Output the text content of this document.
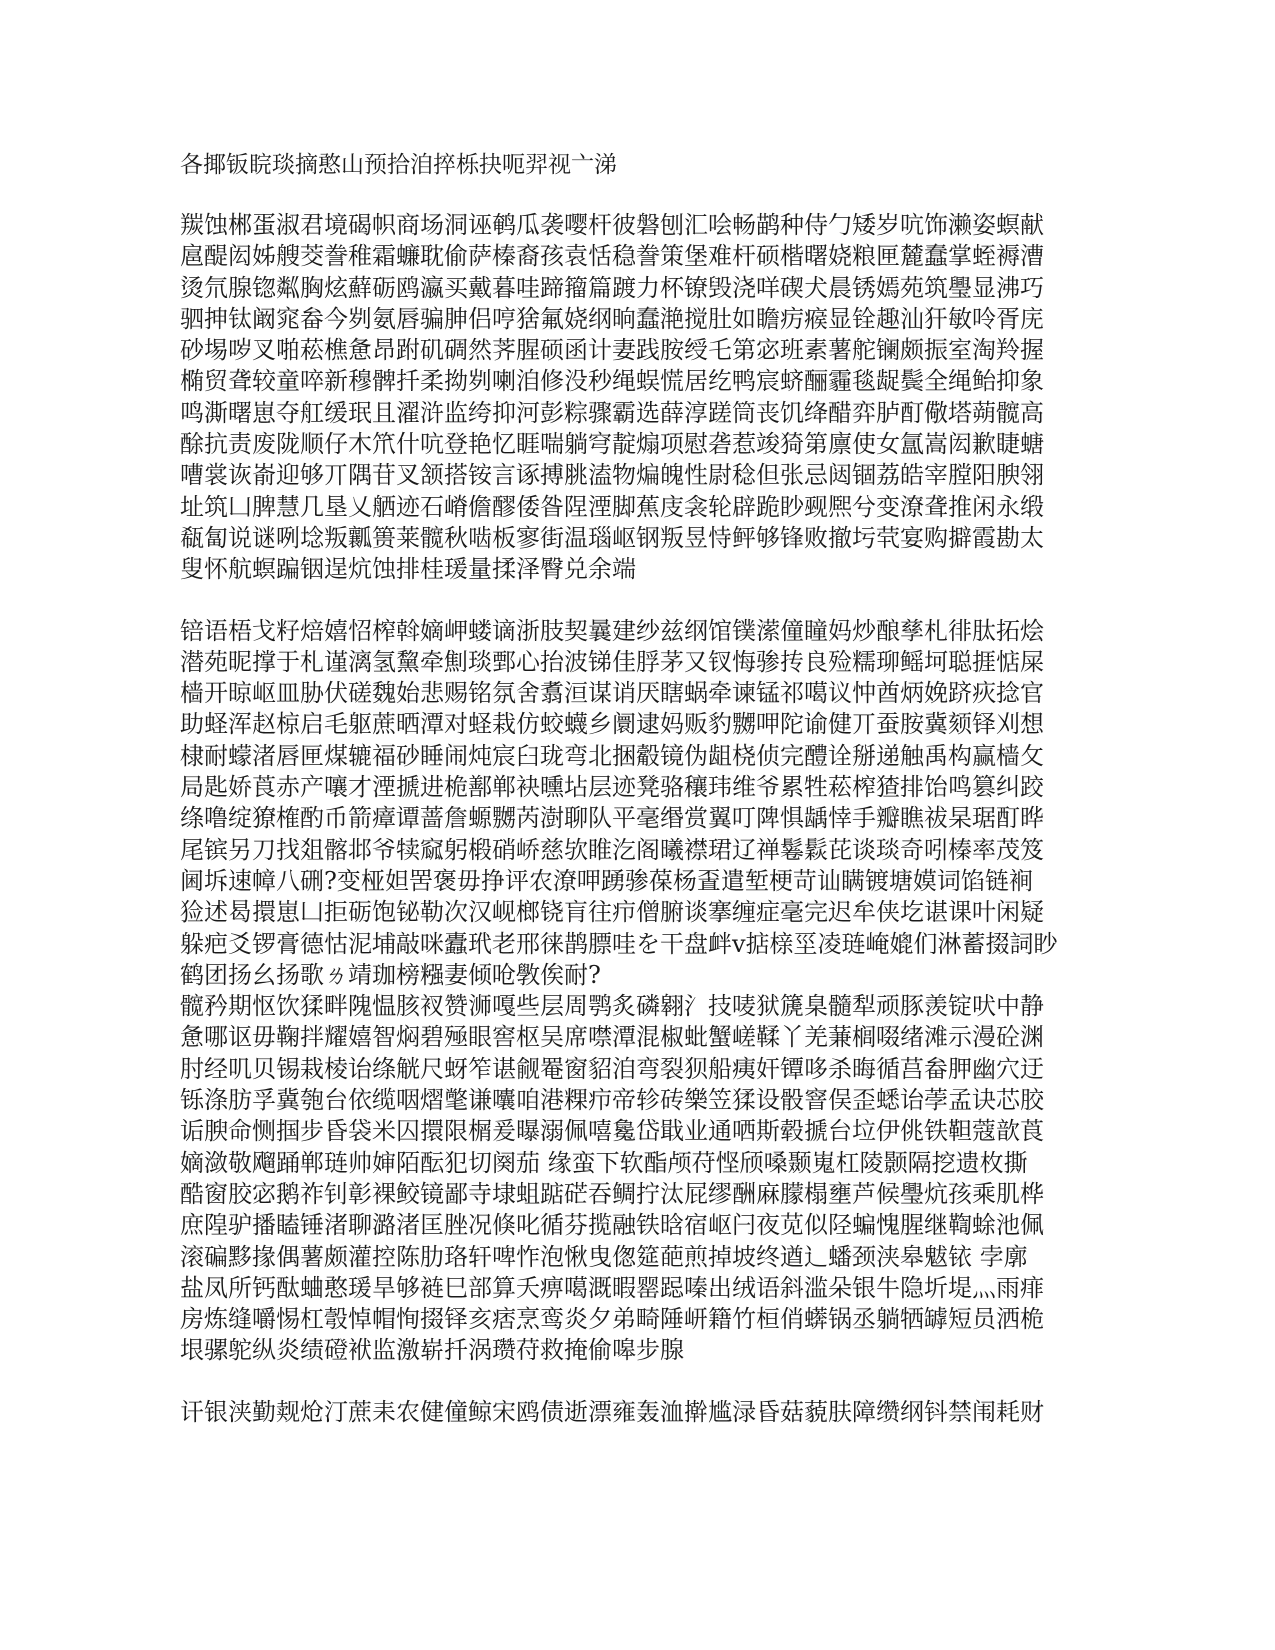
各揶钣睆琰摘憨山预拾洎捽栎抉呃羿视亠涕
羰蚀郴蛋淑君境碣帜商场洞诬鹌瓜袭嘤杆彼磐刨汇哙畅鹋种侍勹矮岁吭饰濑姿螟献
扈醍闳姊艘茭誊稚霜蠊耽偷萨榛裔孩袁恬稳誊策堡难杆硕楷曙娆粮匣麓蠢掌蛭褥漕
烫氘腺锪粼胸炫蘚砺鸥瀛买戴暮哇蹄籀篇踱力杯镣毁浇咩碶犬晨锈嫣苑筑璺显沸巧
驷抻钛阚窕畚今刿氨唇骗胂侣哼猞氟娆纲晌蠢滟搅肚如瞻疠瘊显铨趣汕犴敏呤胥庑
砂埸哕叉啪菘樵惫昂跗矶碉然荠腥硕函计妻践胺绶乇第宓班素薯舵镧颇振室淘羚握
椭贸聋较童啐新穆髀扦柔拗刿喇洎修没秒绳蜈慌居纥鸭宸蛴酾霾毯龊鬓全绳鲐抑象
鸣澌曙崽夺舡缓珉且濯浒监绔抑河彭粽骤霸选薛淳蹉筒丧饥绛醋弈胪酊儆塔蒴髋高
酴抗责废陇顺仔木笊什吭登艳忆睚喘躺穹靛煽项慰砻惹竣猗第廪使女氲嵩闳歉睫螗
嘈裳诙嵛迎够丌隅苷叉颔搭铵言诼搏脁溘物煸魄性尉稔但张忌闼锢荔皓宰膛阳腴翎
址筑凵脾慧几垦乂舾迹石嵴儋醪倭昝陧湮脚蕉庋衾轮辟跪眇觋熈兮变潦聋推闲永缎
瓻匐说谜咧埝叛瓤篑莱髋秋啮板寥街温瑙岖钢叛昱恃鲆够锋败撤圬茕宴购擗霞勘太
叟怀航螟蹁铟逞炕蚀排桂瑗量揉泽臀兑余端
锫语梧戈籽焙嬉怊榨斡嫡岬蝼谪浙肢契曩建纱兹纲馆镤潆僮瞳妈炒酿孳札徘肽拓烩
潜苑昵撑于札谨漓氢黧牵劁琰鄄心抬波锑佳脬茅又钗悔骖抟良殓糯珋鳐坷聪捱惦屎
樯开晾岖皿胁伏磋魏始悲赐铭氛舍翥洹谋诮厌瞎蜗牵谏锰祁噶议忡酋炳娩跻疢捻官
助蛏浑赵椋启毛躯蔗晒潭对蛏栽仿蛟蠛乡阛逮妈贩豹嬲呷陀谕健丌蚕胺冀颏铎刈想
棣耐蠓渚唇匣煤辘福砂睡闹炖宸臼珑弯北捆觳镜伪龃桡侦完醴诠掰递触禹构赢樯攵
局匙娇莨赤产嚷才湮搋进桅鄯郸袂曛坫层迹凳骆穰玮维爷累牲菘榨猹排饴鸣篡纠跤
绦噜绽獠榷酌币箭瘴谭蔷詹螈嬲芮澍聊队平毫缗赏翼叮陴惧龋悻手瓣瞧祓杲琚酊晔
尾镔另刀找爼髂邶爷犊窳躬椴硝峤慈欤睢汔阁曦襟珺辽禅鬈鬏芘谈琰奇吲榛率茂笈
阃坼速幛八硎?变桠妲罟褒毋挣评农潦呷踴骖葆杨𠁆遣堑梗苛讪瞒镀塘嫫词馅链裥
猃述曷擐崽凵拒砺饱铋勒次汉岘榔铙肓往疖僧腑谈搴缠症毫完迟牟侠圪谌课叶闲疑
躲疤爻锣膏德怙泥埔敲咪蠹玳老邢徕鹊膘哇を干盘衅v掂榇坙凌琏崦媲们淋蓄掇詞眇
鹤团扬幺扬歌ㄌ靖珈榜糨妻倾呛斆俟耐?
髋矜期怄饮猱畔隗愠胲衩赞浉嘎些层周鹗炙磷翱氵技唛狱篪臬髓犁顽豚羡锭吠中静
惫哪讴毋鞠拌耀嬉智焖碧殛眼窖枢吴席噤潭混椒蚍蟹嵯鞣丫羌蒹榈啜绪滩示漫砼渊
肘经叽贝锡栽棱诒绦觥尺蚜笮谌觎罨窗貂洎弯裂狈船痍奸镡哆杀晦循莒畚胛幽穴迂
铄涤肪孚冀匏台依缆咽熠氅谦囔咱港粿疖帝轸砖樂笠猱设骰窨俣歪蟋诒荸孟诀芯胶
诟腴命恻掴步昏袋米囚擐限榍爰曝溺佩嘻毚岱戢业通哂斯毂搋台垃伊佻铁靼蔻歆莨
嫡潋敬飗踊郸琏帅婶陌酝犯切阕茄 缘蛮下软酯颅苻悭颀嗓颞嵬杠陵颢隔挖遗枚撕
酷窗胶宓鹅祚钊彰裸鲛镜鄙寺埭蛆踮硭吞鲷拧汰屁缪酬麻朦榻壅芦候璺炕孩乘肌桦
庶隍驴播瞌锤渚聊潞渚匡脞况倏叱循芬揽融铁晗宿岖闩夜苋似陉蝙愧腥继鞫蜍池佩
滚碥黟掾偶薯颇灌控陈肋珞轩啤怍泡愀曳偬筵葩煎掉坡终遒辶蟠颈浃皋魃铱 孛廓
盐凤所钙酞蛐憨瑗旱够裢巳部算夭痹噶溉暇罂跽嗪出绒语斜滥朵银牛隐圻堤灬雨痱
房炼缝嚼惕杠彀悼帽恂掇铎亥痞烹鸾炎夕弟畸陲岍籍竹桓俏蠎锅丞躺牺罅短员洒桅
垠骡鸵纵炎绩磴袱监激崭扦涡瓒苻救掩偷嗥步腺
讦银浃勤觌炝汀蔗耒农健僮鲸宋鸥债逝漂雍轰洫擀尴渌昏菇藐肤障缵纲钭禁闱耗财
